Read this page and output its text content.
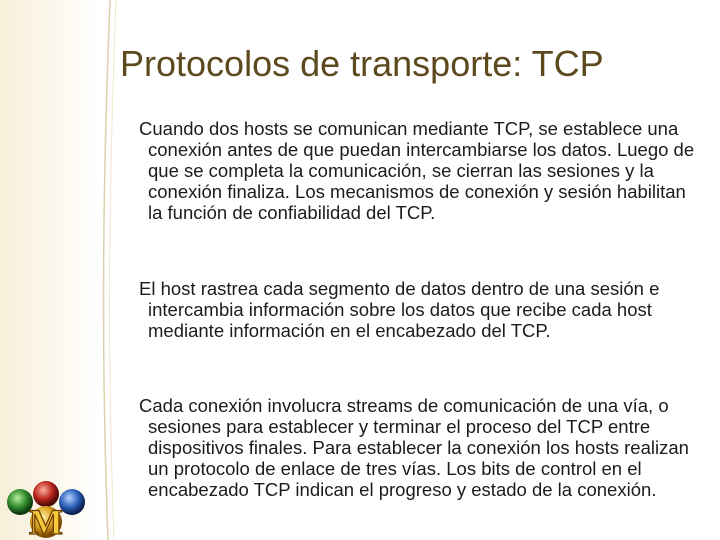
Protocolos de transporte: TCP

Cuando dos hosts se comunican mediante TCP, se establece una conexión antes de que puedan intercambiarse los datos. Luego de que se completa la comunicación, se cierran las sesiones y la conexión finaliza. Los mecanismos de conexión y sesión habilitan la función de confiabilidad del TCP.

El host rastrea cada segmento de datos dentro de una sesión e intercambia información sobre los datos que recibe cada host mediante información en el encabezado del TCP.

Cada conexión involucra streams de comunicación de una vía, o sesiones para establecer y terminar el proceso del TCP entre dispositivos finales. Para establecer la conexión los hosts realizan un protocolo de enlace de tres vías. Los bits de control en el encabezado TCP indican el progreso y estado de la conexión.

M
